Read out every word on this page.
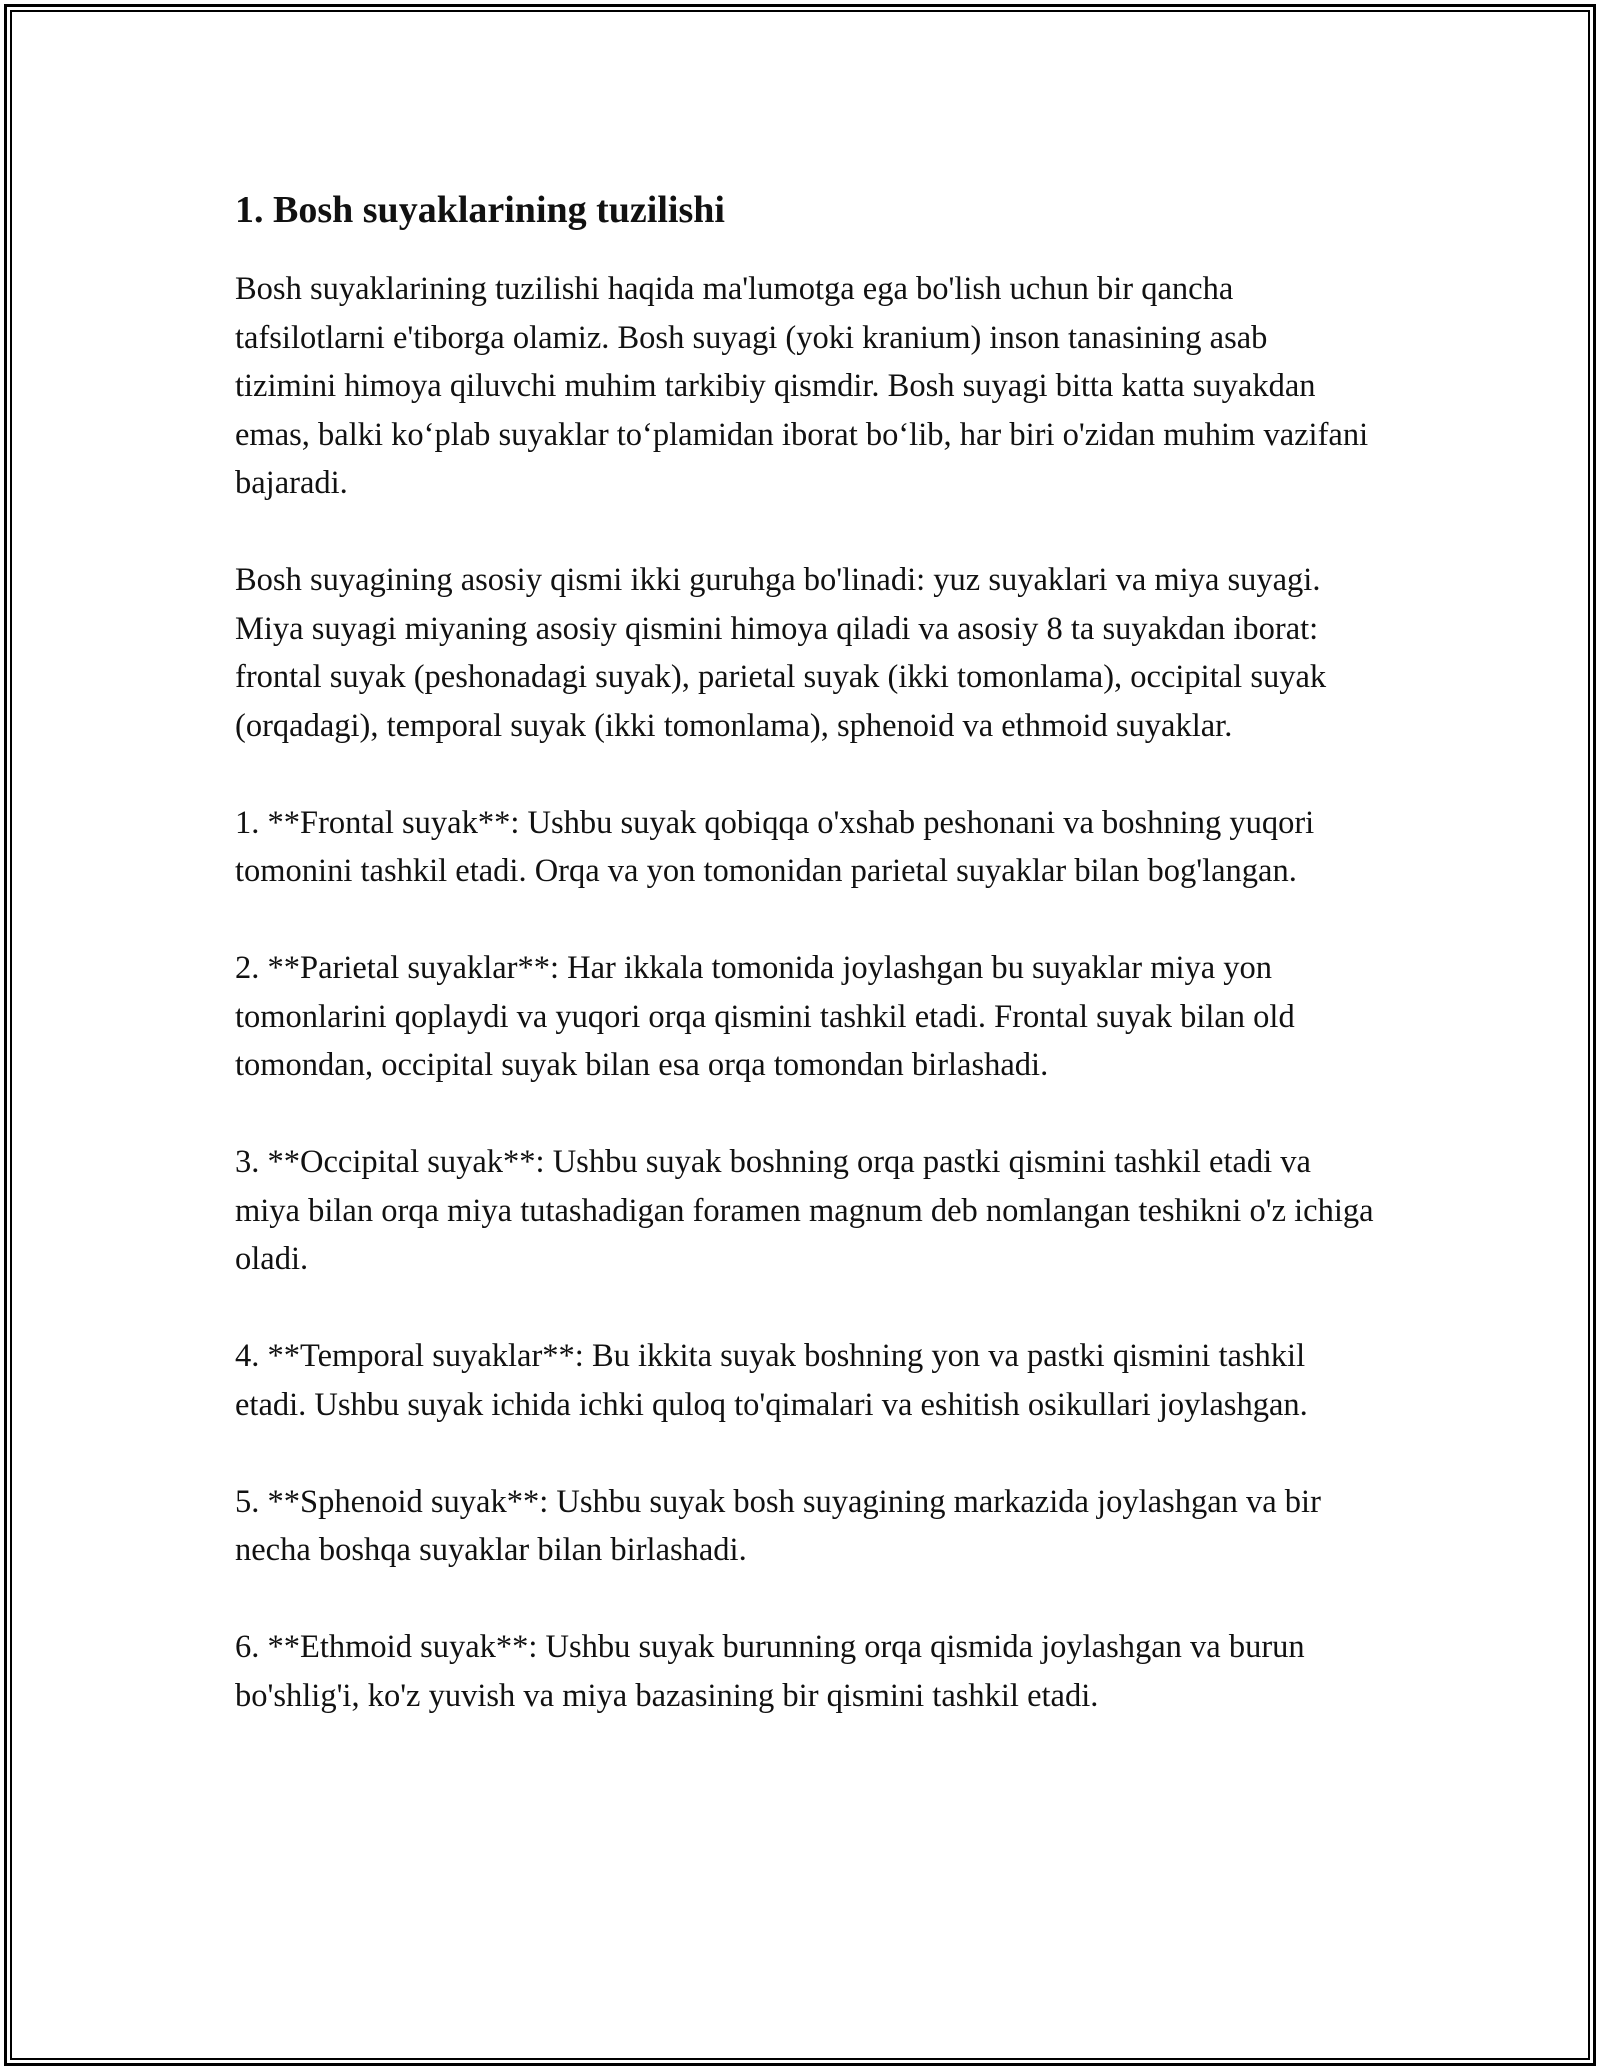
1. Bosh suyaklarining tuzilishi

Bosh suyaklarining tuzilishi haqida ma'lumotga ega bo'lish uchun bir qancha tafsilotlarni e'tiborga olamiz. Bosh suyagi (yoki kranium) inson tanasining asab tizimini himoya qiluvchi muhim tarkibiy qismdir. Bosh suyagi bitta katta suyakdan emas, balki ko‘plab suyaklar to‘plamidan iborat bo‘lib, har biri o'zidan muhim vazifani bajaradi.

Bosh suyagining asosiy qismi ikki guruhga bo'linadi: yuz suyaklari va miya suyagi. Miya suyagi miyaning asosiy qismini himoya qiladi va asosiy 8 ta suyakdan iborat: frontal suyak (peshonadagi suyak), parietal suyak (ikki tomonlama), occipital suyak (orqadagi), temporal suyak (ikki tomonlama), sphenoid va ethmoid suyaklar.

1. **Frontal suyak**: Ushbu suyak qobiqqa o'xshab peshonani va boshning yuqori tomonini tashkil etadi. Orqa va yon tomonidan parietal suyaklar bilan bog'langan.

2. **Parietal suyaklar**: Har ikkala tomonida joylashgan bu suyaklar miya yon tomonlarini qoplaydi va yuqori orqa qismini tashkil etadi. Frontal suyak bilan old tomondan, occipital suyak bilan esa orqa tomondan birlashadi.

3. **Occipital suyak**: Ushbu suyak boshning orqa pastki qismini tashkil etadi va miya bilan orqa miya tutashadigan foramen magnum deb nomlangan teshikni o'z ichiga oladi.

4. **Temporal suyaklar**: Bu ikkita suyak boshning yon va pastki qismini tashkil etadi. Ushbu suyak ichida ichki quloq to'qimalari va eshitish osikullari joylashgan.

5. **Sphenoid suyak**: Ushbu suyak bosh suyagining markazida joylashgan va bir necha boshqa suyaklar bilan birlashadi.

6. **Ethmoid suyak**: Ushbu suyak burunning orqa qismida joylashgan va burun bo'shlig'i, ko'z yuvish va miya bazasining bir qismini tashkil etadi.
